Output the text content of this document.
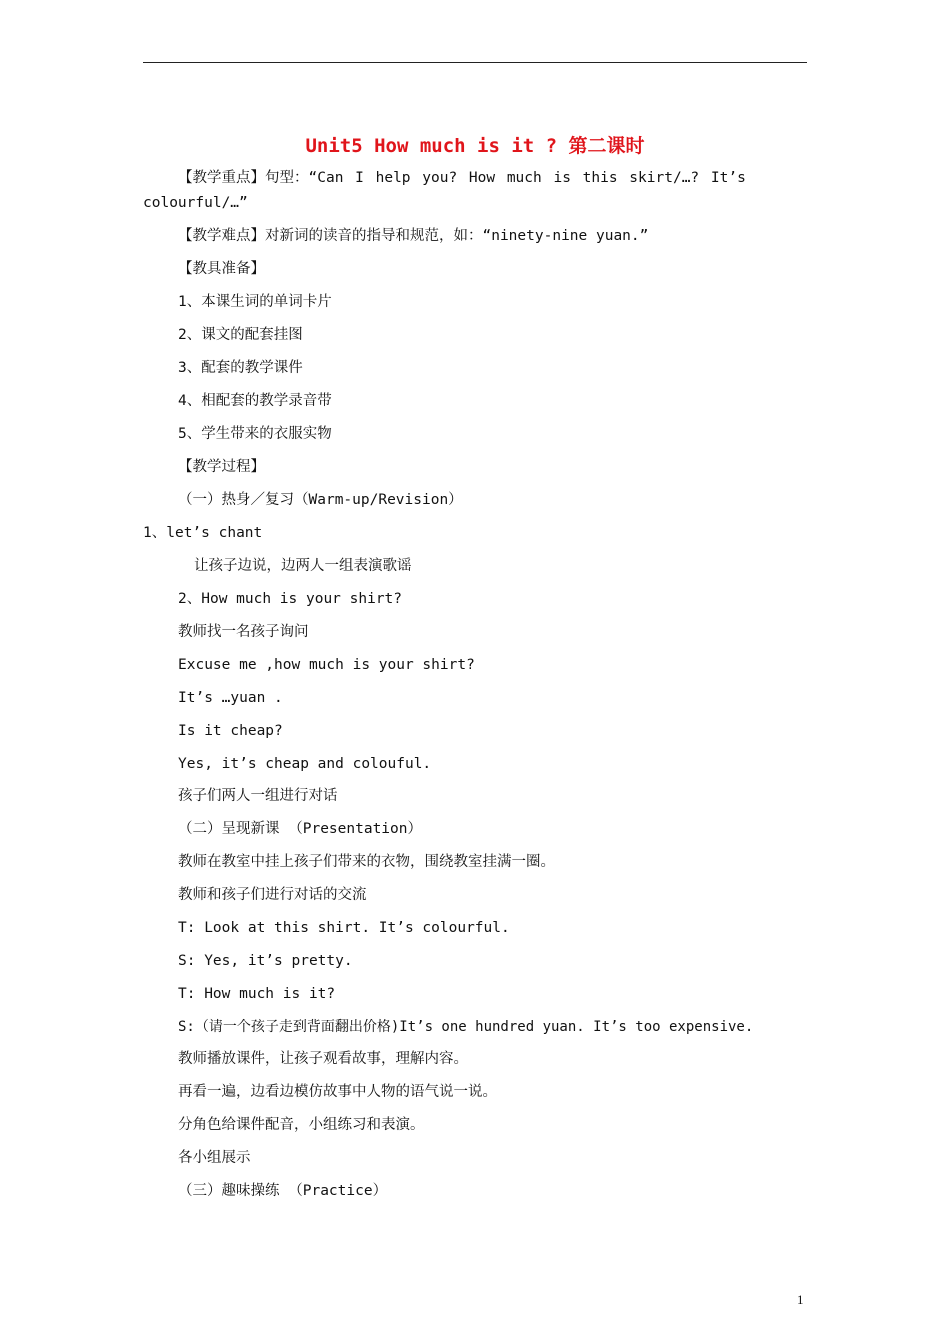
Unit5 How much is it ? 第二课时
【教学重点】句型：“Can I help you? How much is this skirt/…? It’s
colourful/…”
【教学难点】对新词的读音的指导和规范，如：“ninety-nine yuan.”
【教具准备】
1、本课生词的单词卡片
2、课文的配套挂图
3、配套的教学课件
4、相配套的教学录音带
5、学生带来的衣服实物
【教学过程】
（一）热身／复习（Warm-up/Revision）
1、let’s chant
让孩子边说，边两人一组表演歌谣
2、How much is your shirt?
教师找一名孩子询问
Excuse me ,how much is your shirt?
It’s …yuan .
Is it cheap?
Yes, it’s cheap and colouful.
孩子们两人一组进行对话
（二）呈现新课 （Presentation）
教师在教室中挂上孩子们带来的衣物，围绕教室挂满一圈。
教师和孩子们进行对话的交流
T: Look at this shirt. It’s colourful.
S: Yes, it’s pretty.
T: How much is it?
S:（请一个孩子走到背面翻出价格)It’s one hundred yuan. It’s too expensive.
教师播放课件，让孩子观看故事，理解内容。
再看一遍，边看边模仿故事中人物的语气说一说。
分角色给课件配音，小组练习和表演。
各小组展示
（三）趣味操练 （Practice）
1
